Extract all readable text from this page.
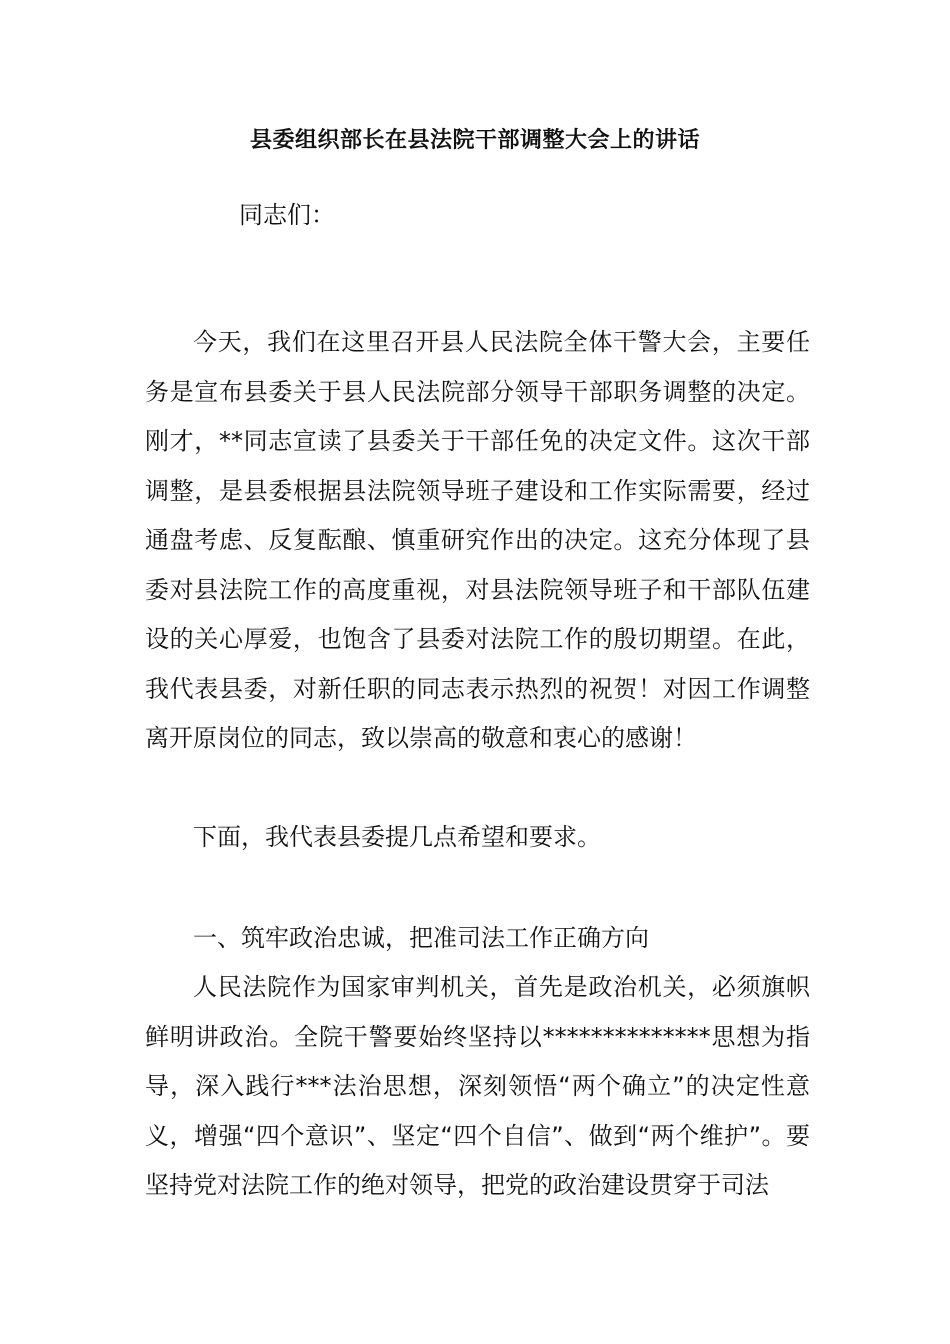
县委组织部长在县法院干部调整大会上的讲话
同志们：
今天，我们在这里召开县人民法院全体干警大会，主要任务是宣布县委关于县人民法院部分领导干部职务调整的决定。刚才，**同志宣读了县委关于干部任免的决定文件。这次干部调整，是县委根据县法院领导班子建设和工作实际需要，经过通盘考虑、反复酝酿、慎重研究作出的决定。这充分体现了县委对县法院工作的高度重视，对县法院领导班子和干部队伍建设的关心厚爱，也饱含了县委对法院工作的殷切期望。在此，我代表县委，对新任职的同志表示热烈的祝贺！对因工作调整离开原岗位的同志，致以崇高的敬意和衷心的感谢！
下面，我代表县委提几点希望和要求。
一、筑牢政治忠诚，把准司法工作正确方向
人民法院作为国家审判机关，首先是政治机关，必须旗帜鲜明讲政治。全院干警要始终坚持以**************思想为指导，深入践行***法治思想，深刻领悟“两个确立”的决定性意义，增强“四个意识”、坚定“四个自信”、做到“两个维护”。要坚持党对法院工作的绝对领导，把党的政治建设贯穿于司法
